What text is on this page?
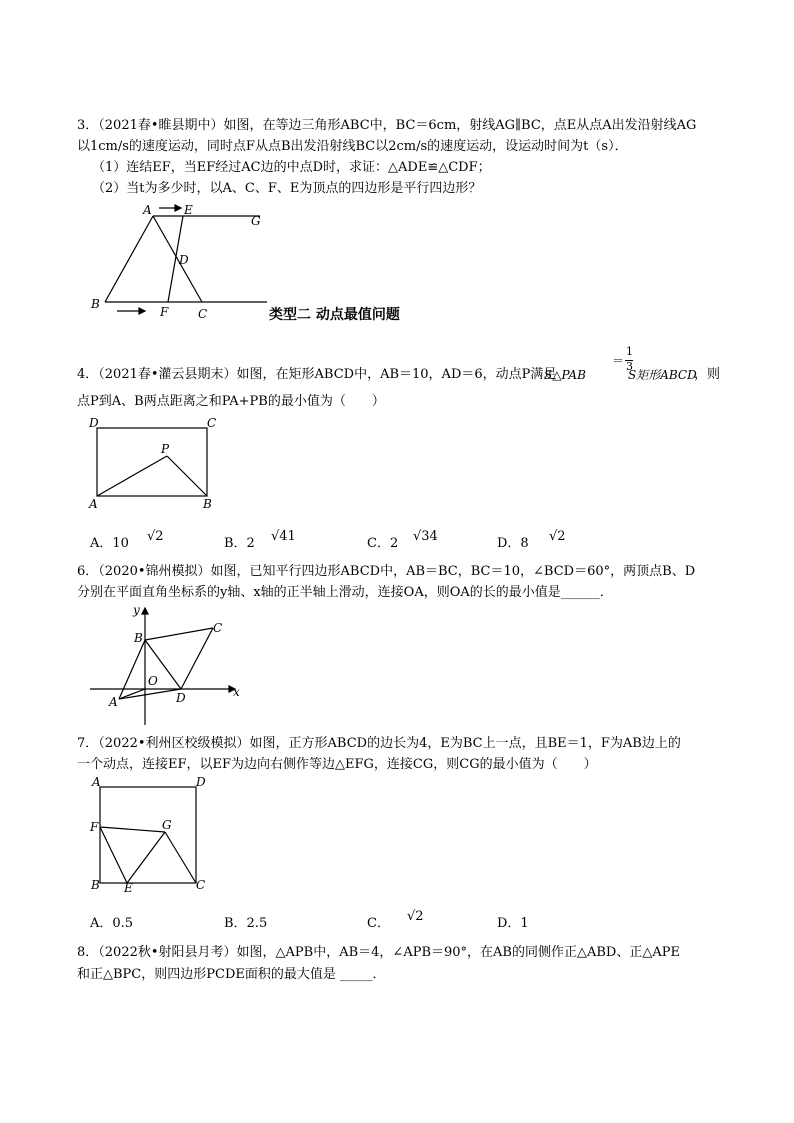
3．（2021春•睢县期中）如图，在等边三角形ABC中，BC＝6cm，射线AG∥BC，点E从点A出发沿射线AG
以1cm/s的速度运动，同时点F从点B出发沿射线BC以2cm/s的速度运动，设运动时间为t（s）．
（1）连结EF，当EF经过AC边的中点D时，求证：△ADE≌△CDF；
（2）当t为多少时，以A、C、F、E为顶点的四边形是平行四边形？
A	E
G
D
B
F C	类型二 动点最值问题
4．（2021春•灌云县期末）如图，在矩形ABCD中，AB＝10，AD＝6，动点P满足
S△PAB
＝
1
3
S矩形ABCD
，则
点P到A、B两点距离之和PA+PB的最小值为（　　）
D	C
P
A	B
A．10 √2	B．2 √41	C．2 √34	D．8 √2
6．（2020•锦州模拟）如图，已知平行四边形ABCD中，AB＝BC，BC＝10，∠BCD＝60°，两顶点B、D
分别在平面直角坐标系的y轴、x轴的正半轴上滑动，连接OA，则OA的长的最小值是______．
y
x
B
C
O
D
A
7．（2022•利州区校级模拟）如图，正方形ABCD的边长为4，E为BC上一点，且BE＝1，F为AB边上的
一个动点，连接EF，以EF为边向右侧作等边△EFG，连接CG，则CG的最小值为（　　）
A	D
F	G
B E	C
A．0.5	B．2.5	C． √2	D．1
8．（2022秋•射阳县月考）如图，△APB中，AB＝4，∠APB＝90°，在AB的同侧作正△ABD、正△APE
和正△BPC，则四边形PCDE面积的最大值是 _____．
